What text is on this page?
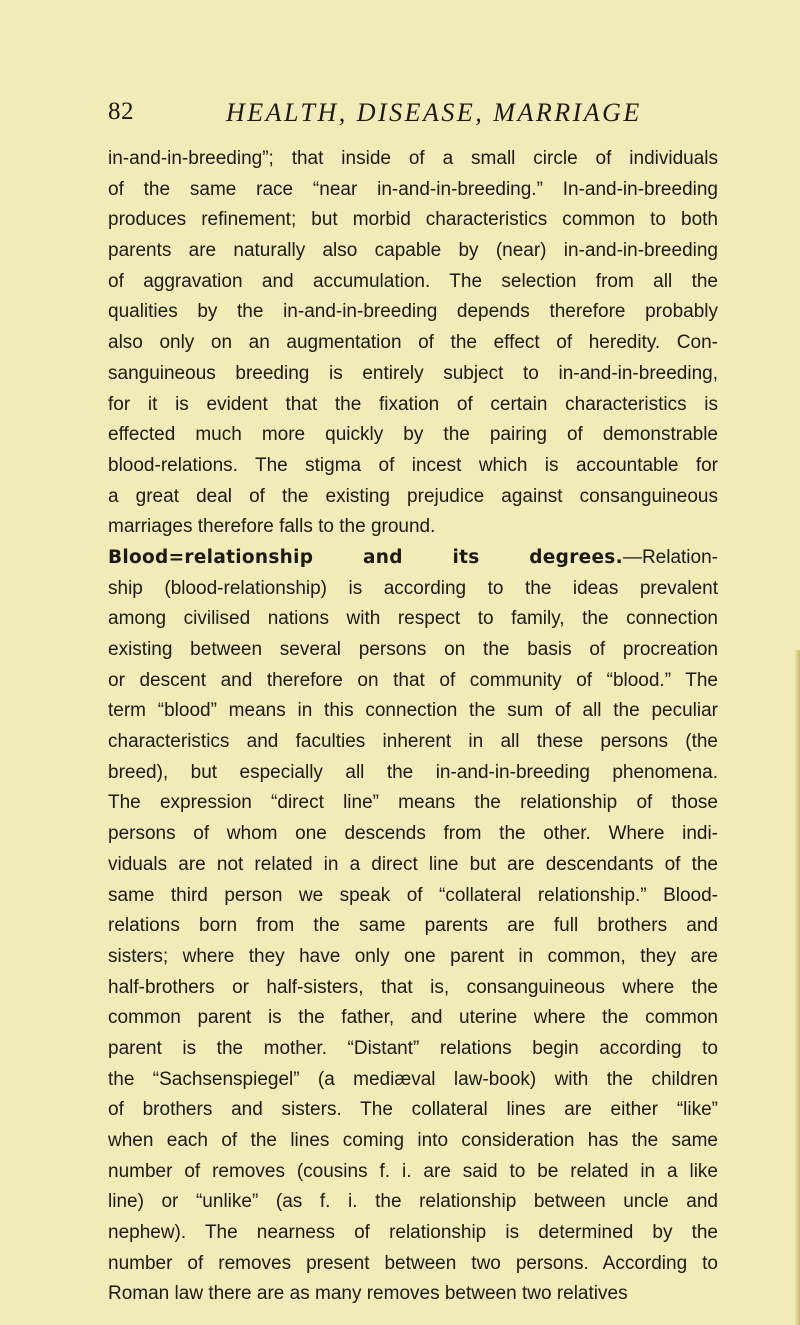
82	HEALTH, DISEASE, MARRIAGE
in-and-in-breeding”; that inside of a small circle of individuals
of the same race “near in-and-in-breeding.” In-and-in-breeding
produces refinement; but morbid characteristics common to both
parents are naturally also capable by (near) in-and-in-breeding
of aggravation and accumulation. The selection from all the
qualities by the in-and-in-breeding depends therefore probably
also only on an augmentation of the effect of heredity. Con-
sanguineous breeding is entirely subject to in-and-in-breeding,
for it is evident that the fixation of certain characteristics is
effected much more quickly by the pairing of demonstrable
blood-relations. The stigma of incest which is accountable for
a great deal of the existing prejudice against consanguineous
marriages therefore falls to the ground.
Blood=relationship and its degrees.—Relation-
ship (blood-relationship) is according to the ideas prevalent
among civilised nations with respect to family, the connection
existing between several persons on the basis of procreation
or descent and therefore on that of community of “blood.” The
term “blood” means in this connection the sum of all the peculiar
characteristics and faculties inherent in all these persons (the
breed), but especially all the in-and-in-breeding phenomena.
The expression “direct line” means the relationship of those
persons of whom one descends from the other. Where indi-
viduals are not related in a direct line but are descendants of the
same third person we speak of “collateral relationship.” Blood-
relations born from the same parents are full brothers and
sisters; where they have only one parent in common, they are
half-brothers or half-sisters, that is, consanguineous where the
common parent is the father, and uterine where the common
parent is the mother. “Distant” relations begin according to
the “Sachsenspiegel” (a mediæval law-book) with the children
of brothers and sisters. The collateral lines are either “like”
when each of the lines coming into consideration has the same
number of removes (cousins f. i. are said to be related in a like
line) or “unlike” (as f. i. the relationship between uncle and
nephew). The nearness of relationship is determined by the
number of removes present between two persons. According to
Roman law there are as many removes between two relatives
